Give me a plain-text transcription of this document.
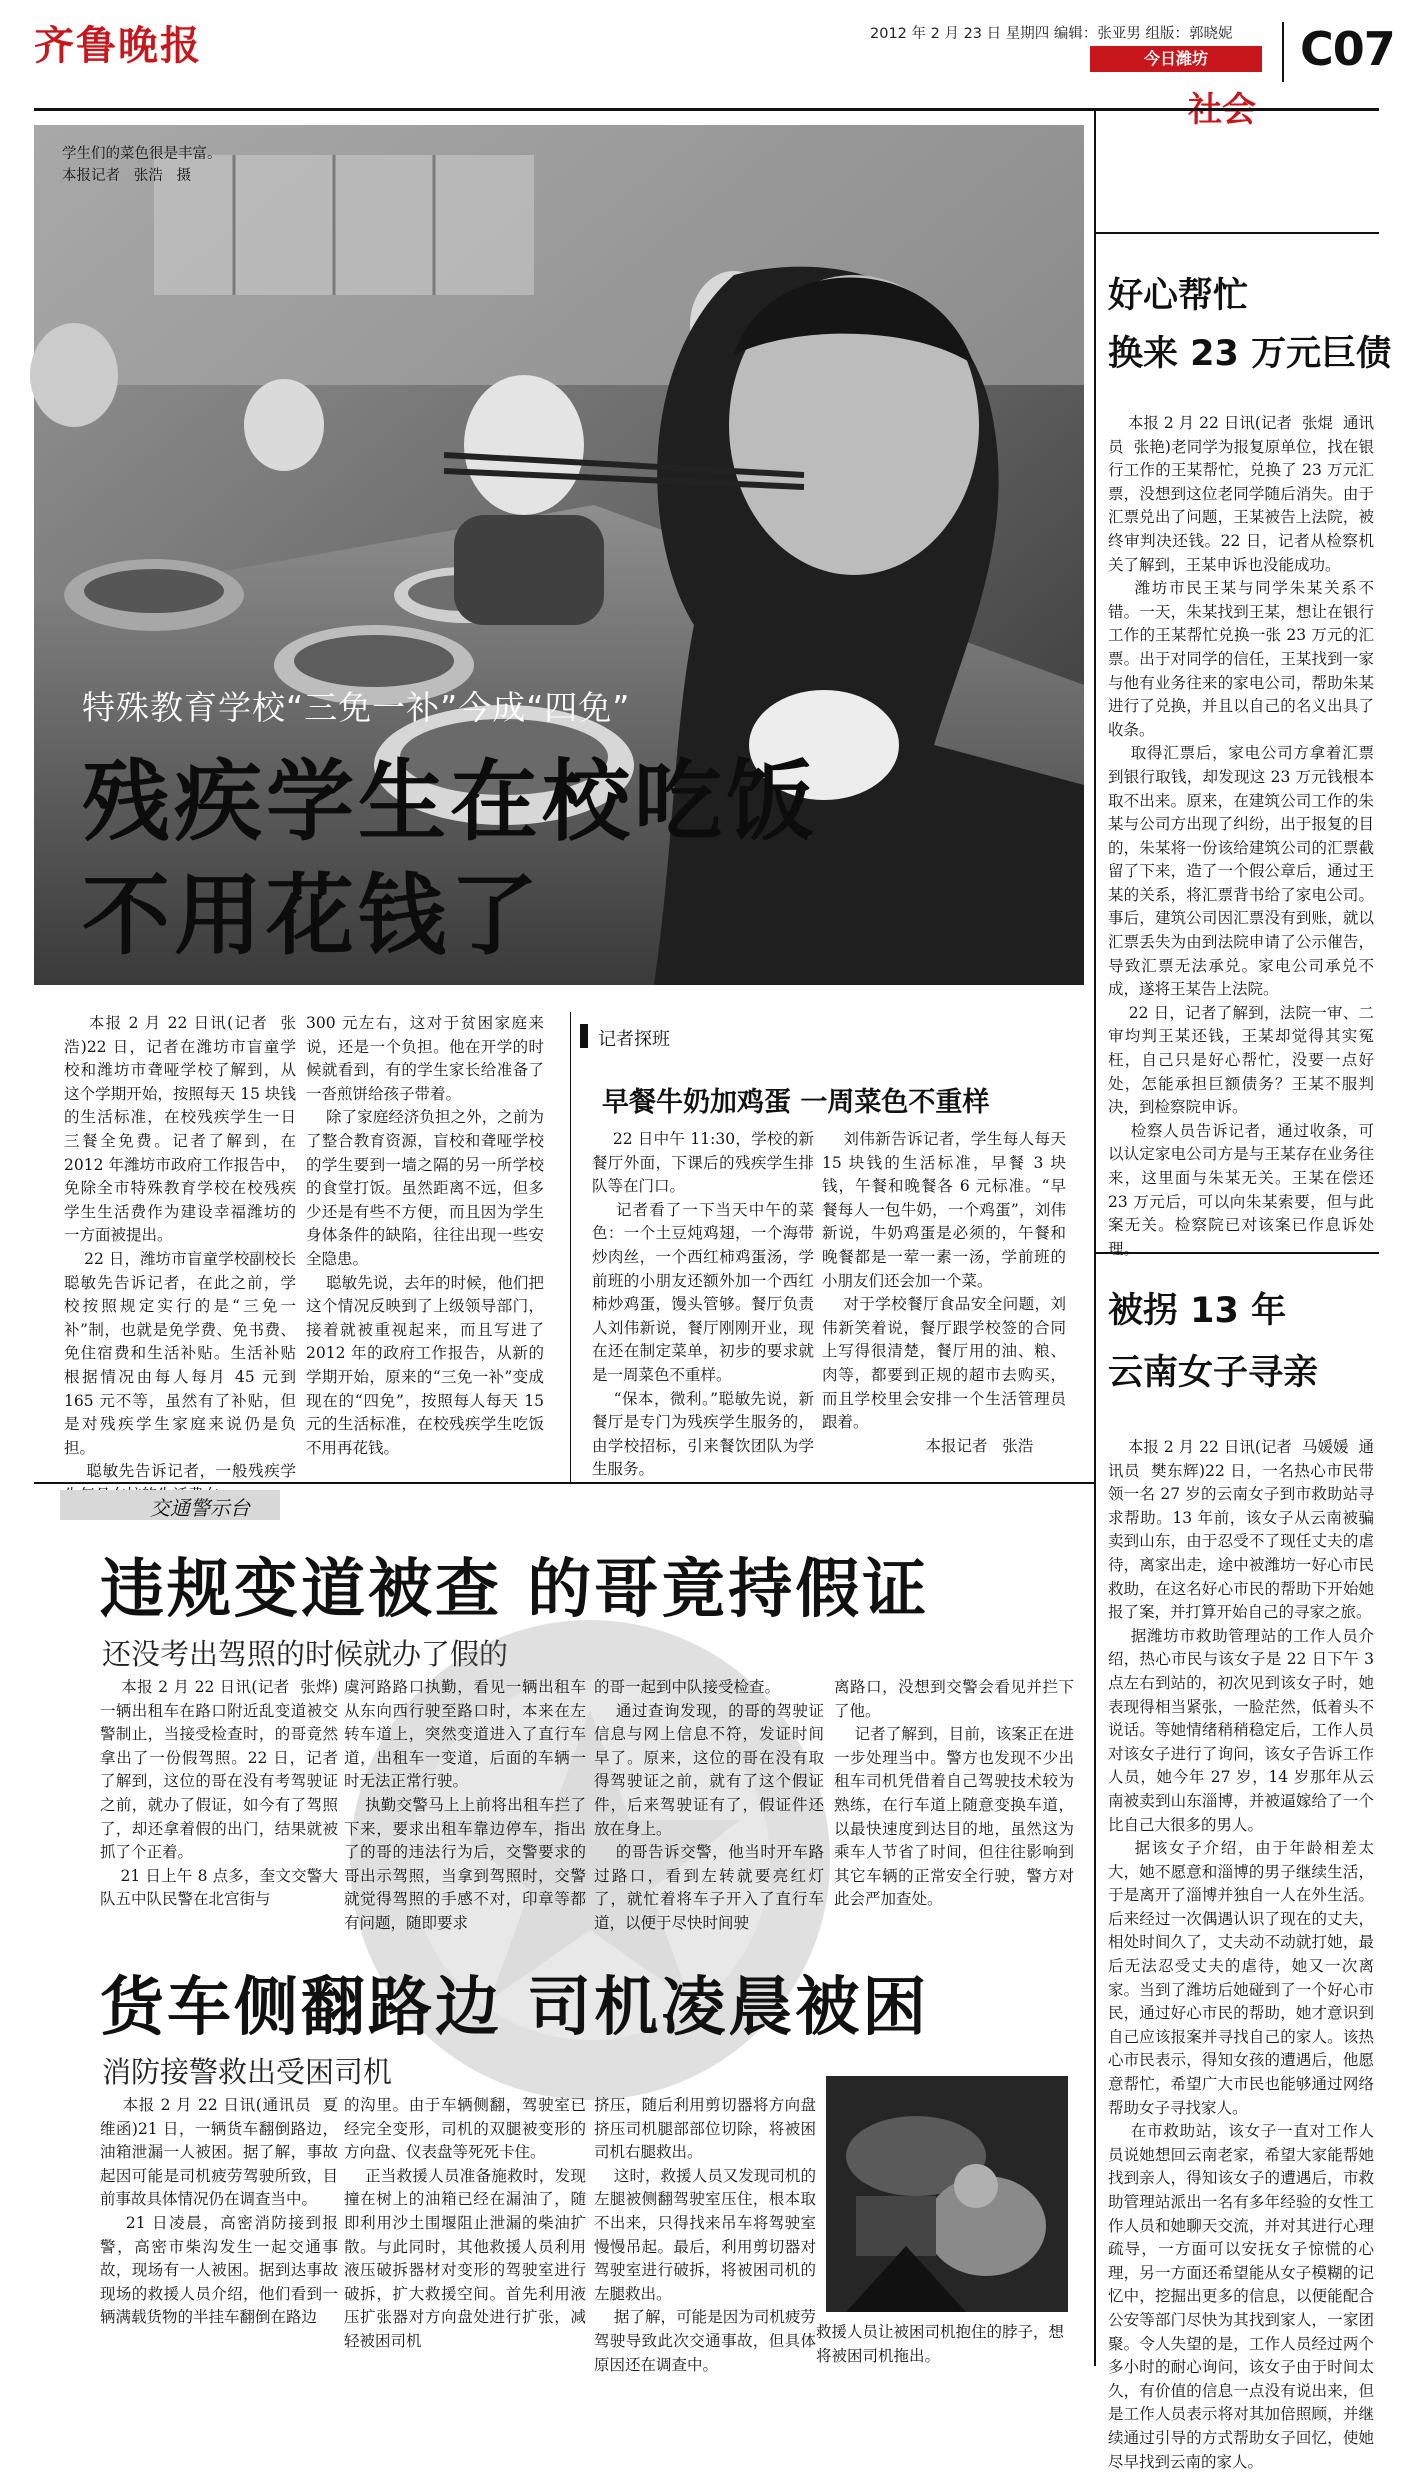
齐鲁晚报	2012 年 2 月 23 日 星期四 编辑：张亚男 组版：郭晓妮
今日潍坊
社会
C07
学生们的菜色很是丰富。
本报记者   张浩   摄
特殊教育学校“三免一补”今成“四免”
残疾学生在校吃饭
不用花钱了
本报 2 月 22 日讯(记者  张浩)22 日，记者在潍坊市盲童学校和潍坊市聋哑学校了解到，从这个学期开始，按照每天 15 块钱的生活标准，在校残疾学生一日三餐全免费。记者了解到，在 2012 年潍坊市政府工作报告中，免除全市特殊教育学校在校残疾学生生活费作为建设幸福潍坊的一方面被提出。
22 日，潍坊市盲童学校副校长聪敏先告诉记者，在此之前，学校按照规定实行的是“三免一补”制，也就是免学费、免书费、免住宿费和生活补贴。生活补贴根据情况由每人每月 45 元到 165 元不等，虽然有了补贴，但是对残疾学生家庭来说仍是负担。
聪敏先告诉记者，一般残疾学
300 元左右，这对于贫困家庭来说，还是一个负担。他在开学的时候就看到，有的学生家长给准备了一沓煎饼给孩子带着。
除了家庭经济负担之外，之前为了整合教育资源，盲校和聋哑学校的学生要到一墙之隔的另一所学校的食堂打饭。虽然距离不远，但多少还是有些不方便，而且因为学生身体条件的缺陷，往往出现一些安全隐患。
聪敏先说，去年的时候，他们把这个情况反映到了上级领导部门，接着就被重视起来，而且写进了 2012 年的政府工作报告，从新的学期开始，原来的“三免一补”变成现在的“四免”，按照每人每天 15 元的生活标准，在校残疾学生吃饭不用再花钱。
记者探班
22 日中午 11:30，学校的新餐厅外面，下课后的残疾学生排队等在门口。
记者看了一下当天中午的菜色：一个土豆炖鸡翅，一个海带炒肉丝，一个西红柿鸡蛋汤，学前班的小朋友还额外加一个西红柿炒鸡蛋，馒头管够。餐厅负责人刘伟新说，餐厅刚刚开业，现在还在制定菜单，初步的要求就是一周菜色不重样。
“保本，微利。”聪敏先说，新餐厅是专门为残疾学生服务的，由学校招标，引来餐饮团队为学生服务。
刘伟新告诉记者，学生每人每天 15 块钱的生活标准，早餐 3 块钱，午餐和晚餐各 6 元标准。“早餐每人一包牛奶，一个鸡蛋”，刘伟新说，牛奶鸡蛋是必须的，午餐和晚餐都是一荤一素一汤，学前班的小朋友们还会加一个菜。
对于学校餐厅食品安全问题，刘伟新笑着说，餐厅跟学校签的合同上写得很清楚，餐厅用的油、粮、肉等，都要到正规的超市去购买，而且学校里会安排一个生活管理员跟着。
本报记者   张浩
早餐牛奶加鸡蛋 一周菜色不重样
交通警示台
违规变道被查 的哥竟持假证
还没考出驾照的时候就办了假的
本报 2 月 22 日讯(记者  张烨)一辆出租车在路口附近乱变道被交警制止，当接受检查时，的哥竟然拿出了一份假驾照。22 日，记者了解到，这位的哥在没有考驾驶证之前，就办了假证，如今有了驾照了，却还拿着假的出门，结果就被抓了个正着。
21 日上午 8 点多，奎文交警大队五中队民警在北宫街与
虞河路路口执勤，看见一辆出租车从东向西行驶至路口时，本来在左转车道上，突然变道进入了直行车道，出租车一变道，后面的车辆一时无法正常行驶。
执勤交警马上上前将出租车拦了下来，要求出租车靠边停车，指出了的哥的违法行为后，交警要求的哥出示驾照，当拿到驾照时，交警就觉得驾照的手感不对，印章等都有问题，随即要求
的哥一起到中队接受检查。
通过查询发现，的哥的驾驶证信息与网上信息不符，发证时间早了。原来，这位的哥在没有取得驾驶证之前，就有了这个假证件，后来驾驶证有了，假证件还放在身上。
的哥告诉交警，他当时开车路过路口，看到左转就要亮红灯了，就忙着将车子开入了直行车道，以便于尽快时间驶
离路口，没想到交警会看见并拦下了他。
记者了解到，目前，该案正在进一步处理当中。警方也发现不少出租车司机凭借着自己驾驶技术较为熟练，在行车道上随意变换车道，以最快速度到达目的地，虽然这为乘车人节省了时间，但往往影响到其它车辆的正常安全行驶，警方对此会严加查处。
货车侧翻路边 司机凌晨被困
消防接警救出受困司机
本报 2 月 22 日讯(通讯员  夏维函)21 日，一辆货车翻倒路边，油箱泄漏一人被困。据了解，事故起因可能是司机疲劳驾驶所致，目前事故具体情况仍在调查当中。
21 日凌晨，高密消防接到报警，高密市柴沟发生一起交通事故，现场有一人被困。据到达事故现场的救援人员介绍，他们看到一辆满载货物的半挂车翻倒在路边
的沟里。由于车辆侧翻，驾驶室已经完全变形，司机的双腿被变形的方向盘、仪表盘等死死卡住。
正当救援人员准备施救时，发现撞在树上的油箱已经在漏油了，随即利用沙土围堰阻止泄漏的柴油扩散。与此同时，其他救援人员利用液压破拆器材对变形的驾驶室进行破拆，扩大救援空间。首先利用液压扩张器对方向盘处进行扩张，减轻被困司机
挤压，随后利用剪切器将方向盘挤压司机腿部部位切除，将被困司机右腿救出。
这时，救援人员又发现司机的左腿被侧翻驾驶室压住，根本取不出来，只得找来吊车将驾驶室慢慢吊起。最后，利用剪切器对驾驶室进行破拆，将被困司机的左腿救出。
据了解，可能是因为司机疲劳驾驶导致此次交通事故，但具体原因还在调查中。
救援人员让被困司机抱住的脖子，想将被困司机拖出。
好心帮忙
换来 23 万元巨债
本报 2 月 22 日讯(记者  张焜  通讯员  张艳)老同学为报复原单位，找在银行工作的王某帮忙，兑换了 23 万元汇票，没想到这位老同学随后消失。由于汇票兑出了问题，王某被告上法院，被终审判决还钱。22 日，记者从检察机关了解到，王某申诉也没能成功。
潍坊市民王某与同学朱某关系不错。一天，朱某找到王某，想让在银行工作的王某帮忙兑换一张 23 万元的汇票。出于对同学的信任，王某找到一家与他有业务往来的家电公司，帮助朱某进行了兑换，并且以自己的名义出具了收条。
取得汇票后，家电公司方拿着汇票到银行取钱，却发现这 23 万元钱根本取不出来。原来，在建筑公司工作的朱某与公司方出现了纠纷，出于报复的目的，朱某将一份该给建筑公司的汇票截留了下来，造了一个假公章后，通过王某的关系，将汇票背书给了家电公司。事后，建筑公司因汇票没有到账，就以汇票丢失为由到法院申请了公示催告，导致汇票无法承兑。家电公司承兑不成，遂将王某告上法院。
22 日，记者了解到，法院一审、二审均判王某还钱，王某却觉得其实冤枉，自己只是好心帮忙，没要一点好处，怎能承担巨额债务？王某不服判决，到检察院申诉。
检察人员告诉记者，通过收条，可以认定家电公司方是与王某存在业务往来，这里面与朱某无关。王某在偿还 23 万元后，可以向朱某索要，但与此案无关。检察院已对该案已作息诉处理。
被拐 13 年
云南女子寻亲
本报 2 月 22 日讯(记者  马媛媛  通讯员  樊东辉)22 日，一名热心市民带领一名 27 岁的云南女子到市救助站寻求帮助。13 年前，该女子从云南被骗卖到山东，由于忍受不了现任丈夫的虐待，离家出走，途中被潍坊一好心市民救助，在这名好心市民的帮助下开始她报了案，并打算开始自己的寻家之旅。
据潍坊市救助管理站的工作人员介绍，热心市民与该女子是 22 日下午 3 点左右到站的，初次见到该女子时，她表现得相当紧张，一脸茫然，低着头不说话。等她情绪稍稍稳定后，工作人员对该女子进行了询问，该女子告诉工作人员，她今年 27 岁，14 岁那年从云南被卖到山东淄博，并被逼嫁给了一个比自己大很多的男人。
据该女子介绍，由于年龄相差太大，她不愿意和淄博的男子继续生活，于是离开了淄博并独自一人在外生活。后来经过一次偶遇认识了现在的丈夫，相处时间久了，丈夫动不动就打她，最后无法忍受丈夫的虐待，她又一次离家。当到了潍坊后她碰到了一个好心市民，通过好心市民的帮助，她才意识到自己应该报案并寻找自己的家人。该热心市民表示，得知女孩的遭遇后，他愿意帮忙，希望广大市民也能够通过网络帮助女子寻找家人。
在市救助站，该女子一直对工作人员说她想回云南老家，希望大家能帮她找到亲人，得知该女子的遭遇后，市救助管理站派出一名有多年经验的女性工作人员和她聊天交流，并对其进行心理疏导，一方面可以安抚女子惊慌的心理，另一方面还希望能从女子模糊的记忆中，挖掘出更多的信息，以便能配合公安等部门尽快为其找到家人，一家团聚。令人失望的是，工作人员经过两个多小时的耐心询问，该女子由于时间太久，有价值的信息一点没有说出来，但是工作人员表示将对其加倍照顾，并继续通过引导的方式帮助女子回忆，使她尽早找到云南的家人。
